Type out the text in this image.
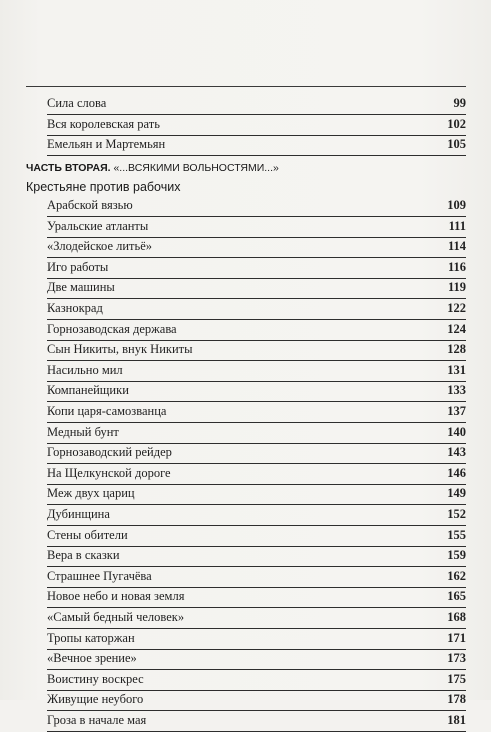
Сила слова	99
Вся королевская рать	102
Емельян и Мартемьян	105
ЧАСТЬ ВТОРАЯ. «...ВСЯКИМИ ВОЛЬНОСТЯМИ...»
Крестьяне против рабочих
Арабской вязью	109
Уральские атланты	111
«Злодейское литьё»	114
Иго работы	116
Две машины	119
Казнокрад	122
Горнозаводская держава	124
Сын Никиты, внук Никиты	128
Насильно мил	131
Компанейщики	133
Копи царя-самозванца	137
Медный бунт	140
Горнозаводский рейдер	143
На Щелкунской дороге	146
Меж двух цариц	149
Дубинщина	152
Стены обители	155
Вера в сказки	159
Страшнее Пугачёва	162
Новое небо и новая земля	165
«Самый бедный человек»	168
Тропы каторжан	171
«Вечное зрение»	173
Воистину воскрес	175
Живущие неубого	178
Гроза в начале мая	181
